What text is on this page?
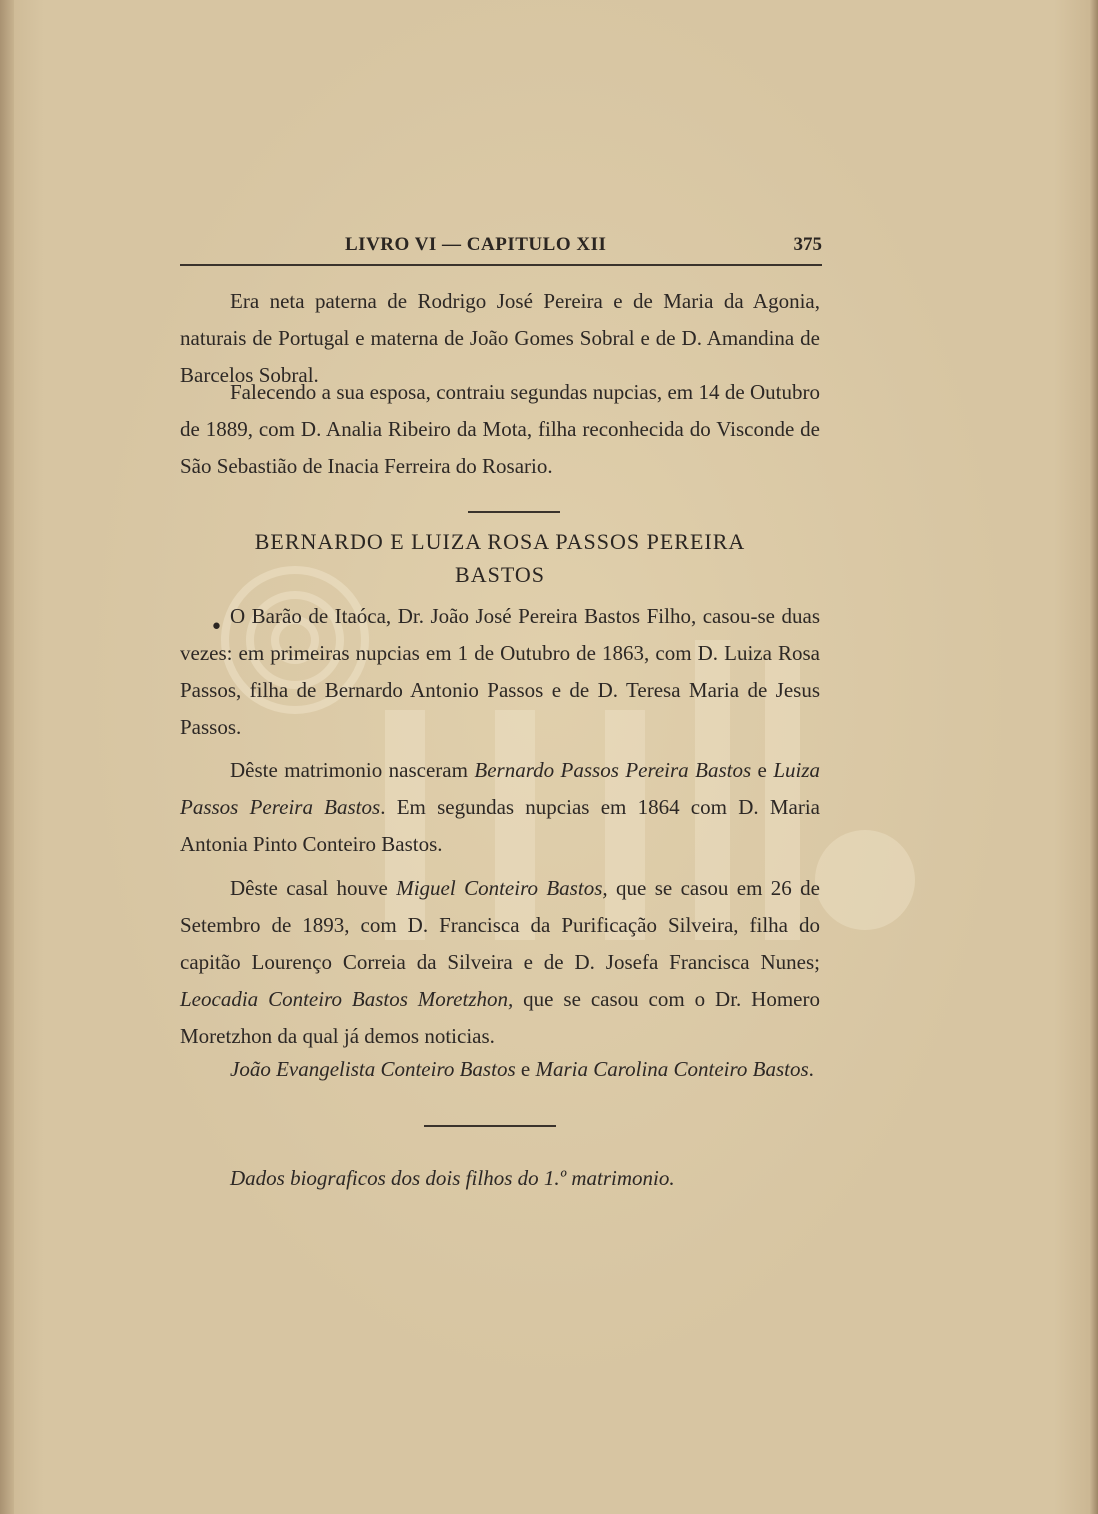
LIVRO VI — CAPITULO XII	375
Era neta paterna de Rodrigo José Pereira e de Maria da Agonia, naturais de Portugal e materna de João Gomes Sobral e de D. Amandina de Barcelos Sobral.
Falecendo a sua esposa, contraiu segundas nupcias, em 14 de Outubro de 1889, com D. Analia Ribeiro da Mota, filha reconhecida do Visconde de São Sebastião de Inacia Ferreira do Rosario.
BERNARDO E LUIZA ROSA PASSOS PEREIRA
BASTOS
• O Barão de Itaóca, Dr. João José Pereira Bastos Filho, casou-se duas vezes: em primeiras nupcias em 1 de Outubro de 1863, com D. Luiza Rosa Passos, filha de Bernardo Antonio Passos e de D. Teresa Maria de Jesus Passos.
Dêste matrimonio nasceram Bernardo Passos Pereira Bastos e Luiza Passos Pereira Bastos. Em segundas nupcias em 1864 com D. Maria Antonia Pinto Conteiro Bastos.
Dêste casal houve Miguel Conteiro Bastos, que se casou em 26 de Setembro de 1893, com D. Francisca da Purificação Silveira, filha do capitão Lourenço Correia da Silveira e de D. Josefa Francisca Nunes; Leocadia Conteiro Bastos Moretzhon, que se casou com o Dr. Homero Moretzhon da qual já demos noticias.
João Evangelista Conteiro Bastos e Maria Carolina Conteiro Bastos.
Dados biograficos dos dois filhos do 1.º matrimonio.
